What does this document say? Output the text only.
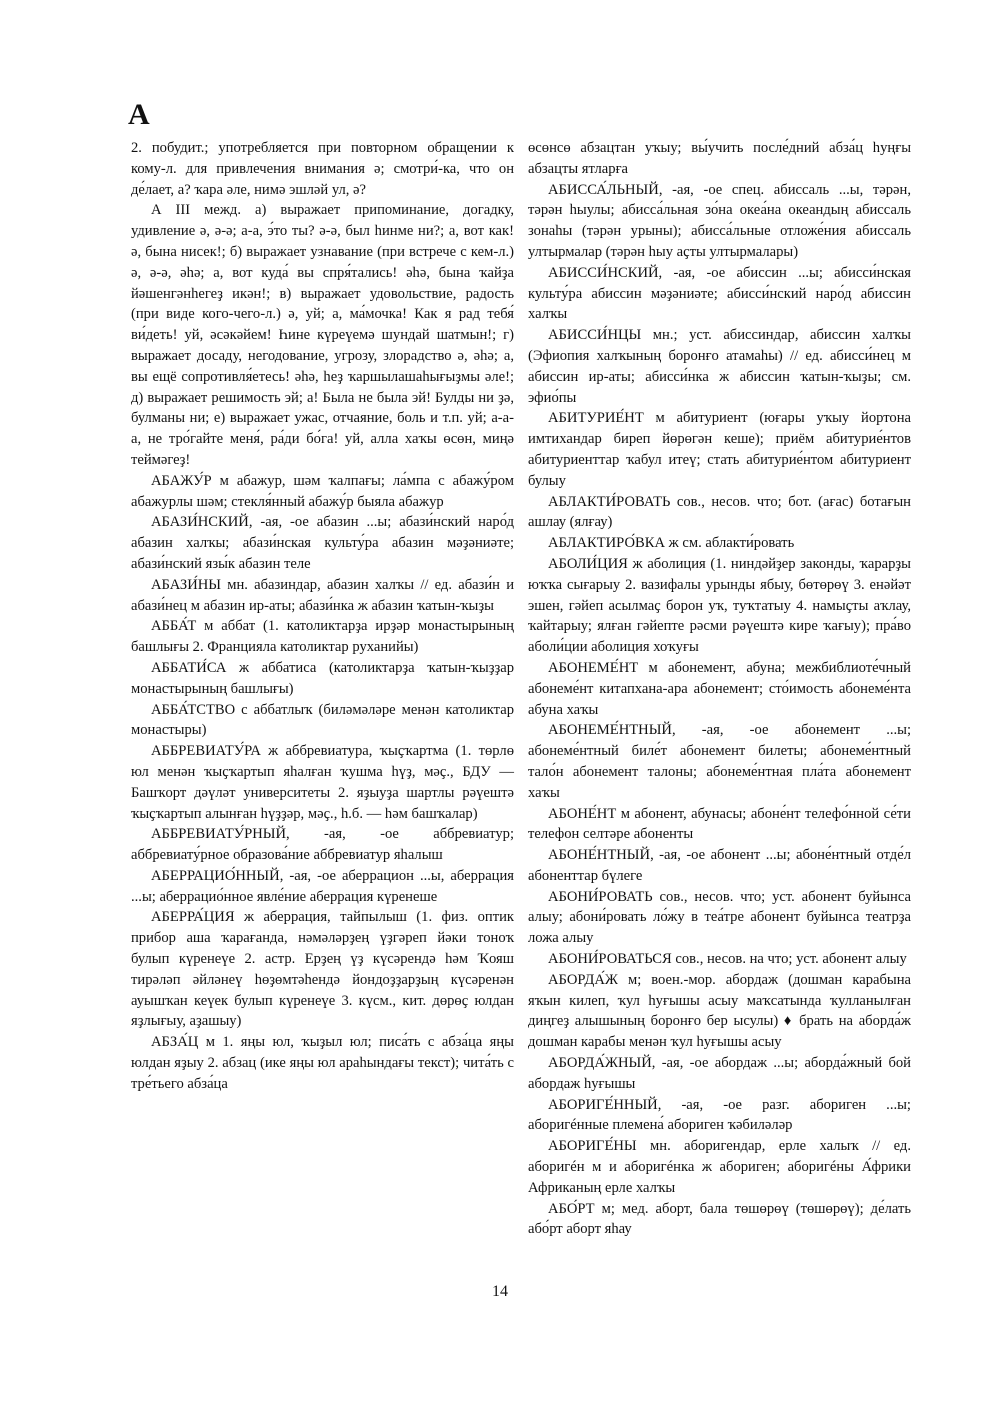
А

2. побудит.; употребляется при повторном обращении к кому-л. для привлечения внимания ә; смотри́-ка, что он де́лает, а? ҡара әле, нимә эшләй ул, ә?

А III межд. а) выражает припоминание, догадку, удивление ә, ә-ә; а-а, э́то ты? ә-ә, был һинме ни?; а, вот как! ә, бына нисек!; б) выражает узнавание (при встрече с кем-л.) ә, ә-ә, әһә; а, вот куда́ вы спря́тались! әһә, бына ҡайҙа йәшенгәнһегеҙ икән!; в) выражает удовольствие, радость (при виде кого-чего-л.) ә, уй; а, ма́мочка! Как я рад тебя́ ви́деть! уй, әсәкәйем! Һине күреүемә шундай шатмын!; г) выражает досаду, негодование, угрозу, злорадство ә, әһә; а, вы ещё сопротивля́етесь! әһә, һеҙ ҡаршылашаһығыҙмы әле!; д) выражает решимость эй; а! Была не была эй! Булды ни ҙә, булманы ни; е) выражает ужас, отчаяние, боль и т.п. уй; а-а-а, не тро́гайте меня́, ра́ди бо́га! уй, алла хаҡы өсөн, миңә теймәгеҙ!

АБАЖУ́Р м абажур, шәм ҡалпағы; ла́мпа с абажу́ром абажурлы шәм; стекля́нный абажу́р быяла абажур

АБАЗИ́НСКИЙ, -ая, -ое абазин ...ы; абази́нский наро́д абазин халҡы; абази́нская культу́ра абазин мәҙәниәте; абази́нский язы́к абазин теле

АБАЗИ́НЫ мн. абазиндар, абазин халҡы // ед. абази́н и абази́нец м абазин ир-аты; абази́нка ж абазин ҡатын-ҡыҙы

АББА́Т м аббат (1. католиктарҙа ирҙәр монастырының башлығы 2. Францияла католиктар руханийы)

АББАТИ́СА ж аббатиса (католиктарҙа ҡатын-ҡыҙҙар монастырының башлығы)

АББА́ТСТВО с аббатлыҡ (биләмәләре менән католиктар монастыры)

АББРЕВИАТУ́РА ж аббревиатура, ҡыҫҡартма (1. төрлө юл менән ҡыҫҡартып яһалған ҡушма һүҙ, мәҫ., БДУ — Башҡорт дәүләт университеты 2. яҙыуҙа шартлы рәүештә ҡыҫҡартып алынған һүҙҙәр, мәҫ., һ.б. — һәм башҡалар)

АББРЕВИАТУ́РНЫЙ, -ая, -ое аббревиатур; аббревиату́рное образова́ние аббревиатур яһалыш

АБЕРРАЦИО́ННЫЙ, -ая, -ое аберрацион ...ы, аберрация ...ы; аберрацио́нное явле́ние аберрация күренеше

АБЕРРА́ЦИЯ ж аберрация, тайпылыш (1. физ. оптик прибор аша ҡарағанда, нәмәләрҙең үҙгәреп йәки тоноҡ булып күренеүе 2. астр. Ерҙең үҙ күсәрендә һәм Ҡояш тирәләп әйләнеү һөҙөмтәһендә йондоҙҙарҙың күсәренән ауышҡан кеүек булып күренеүе 3. күсм., кит. дөрөҫ юлдан яҙлығыу, аҙашыу)

АБЗА́Ц м 1. яңы юл, ҡыҙыл юл; писа́ть с абза́ца яңы юлдан яҙыу 2. абзац (ике яңы юл араһындағы текст); чита́ть с тре́тьего абза́ца

өсөнсө абзацтан уҡыу; вы́учить после́дний абза́ц һуңғы абзацты ятларға

АБИССА́ЛЬНЫЙ, -ая, -ое спец. абиссаль ...ы, тәрән, тәрән һыулы; абисса́льная зо́на океа́на океандың абиссаль зонаһы (тәрән урыны); абисса́льные отложе́ния абиссаль ултырмалар (тәрән һыу аҫты ултырмалары)

АБИССИ́НСКИЙ, -ая, -ое абиссин ...ы; абисси́нская культу́ра абиссин мәҙәниәте; абисси́нский наро́д абиссин халҡы

АБИССИ́НЦЫ мн.; уст. абиссиндар, абиссин халҡы (Эфиопия халҡының боронғо атамаһы) // ед. абисси́нец м абиссин ир-аты; абисси́нка ж абиссин ҡатын-ҡыҙы; см. эфио́пы

АБИТУРИЕ́НТ м абитуриент (юғары уҡыу йортона имтихандар биреп йөрөгән кеше); приём абитурие́нтов абитуриенттар ҡабул итеү; стать абитурие́нтом абитуриент булыу

АБЛАКТИ́РОВАТЬ сов., несов. что; бот. (ағас) ботағын ашлау (ялғау)

АБЛАКТИРО́ВКА ж см. аблакти́ровать

АБОЛИ́ЦИЯ ж аболиция (1. ниндәйҙер законды, ҡарарҙы юҡҡа сығарыу 2. вазифалы урынды ябыу, бөтөрөү 3. енәйәт эшен, гәйеп асылмаҫ борон уҡ, туҡтатыу 4. намыҫты аҡлау, ҡайтарыу; ялған гәйепте рәсми рәүештә кире ҡағыу); пра́во аболи́ции аболиция хоҡуғы

АБОНЕМЕ́НТ м абонемент, абуна; межбиблиоте́чный абонеме́нт китапхана-ара абонемент; сто́имость абонеме́нта абуна хаҡы

АБОНЕМЕ́НТНЫЙ, -ая, -ое абонемент ...ы; абонеме́нтный биле́т абонемент билеты; абонеме́нтный тало́н абонемент талоны; абонеме́нтная пла́та абонемент хаҡы

АБОНЕ́НТ м абонент, абунасы; абоне́нт телефо́нной се́ти телефон селтәре абоненты

АБОНЕ́НТНЫЙ, -ая, -ое абонент ...ы; абоне́нтный отде́л абоненттар бүлеге

АБОНИ́РОВАТЬ сов., несов. что; уст. абонент буйынса алыу; абони́ровать ло́жу в теа́тре абонент буйынса театрҙа ложа алыу

АБОНИ́РОВАТЬСЯ сов., несов. на что; уст. абонент алыу

АБОРДА́Ж м; воен.-мор. абордаж (дошман карабына яҡын килеп, ҡул һуғышы асыу маҡсатында ҡулланылған диңгеҙ алышының боронғо бер ысулы) ♦ брать на аборда́ж дошман карабы менән ҡул һуғышы асыу

АБОРДА́ЖНЫЙ, -ая, -ое абордаж ...ы; аборда́жный бой абордаж һуғышы

АБОРИГЕ́ННЫЙ, -ая, -ое разг. абориген ...ы; аборигéнные племена́ абориген ҡәбиләләр

АБОРИГЕ́НЫ мн. аборигендар, ерле халыҡ // ед. аборигéн м и аборигéнка ж абориген; аборигéны А́фрики Африканың ерле халҡы

АБО́РТ м; мед. аборт, бала төшөрөү (төшөрөү); де́лать або́рт аборт яһау

14
